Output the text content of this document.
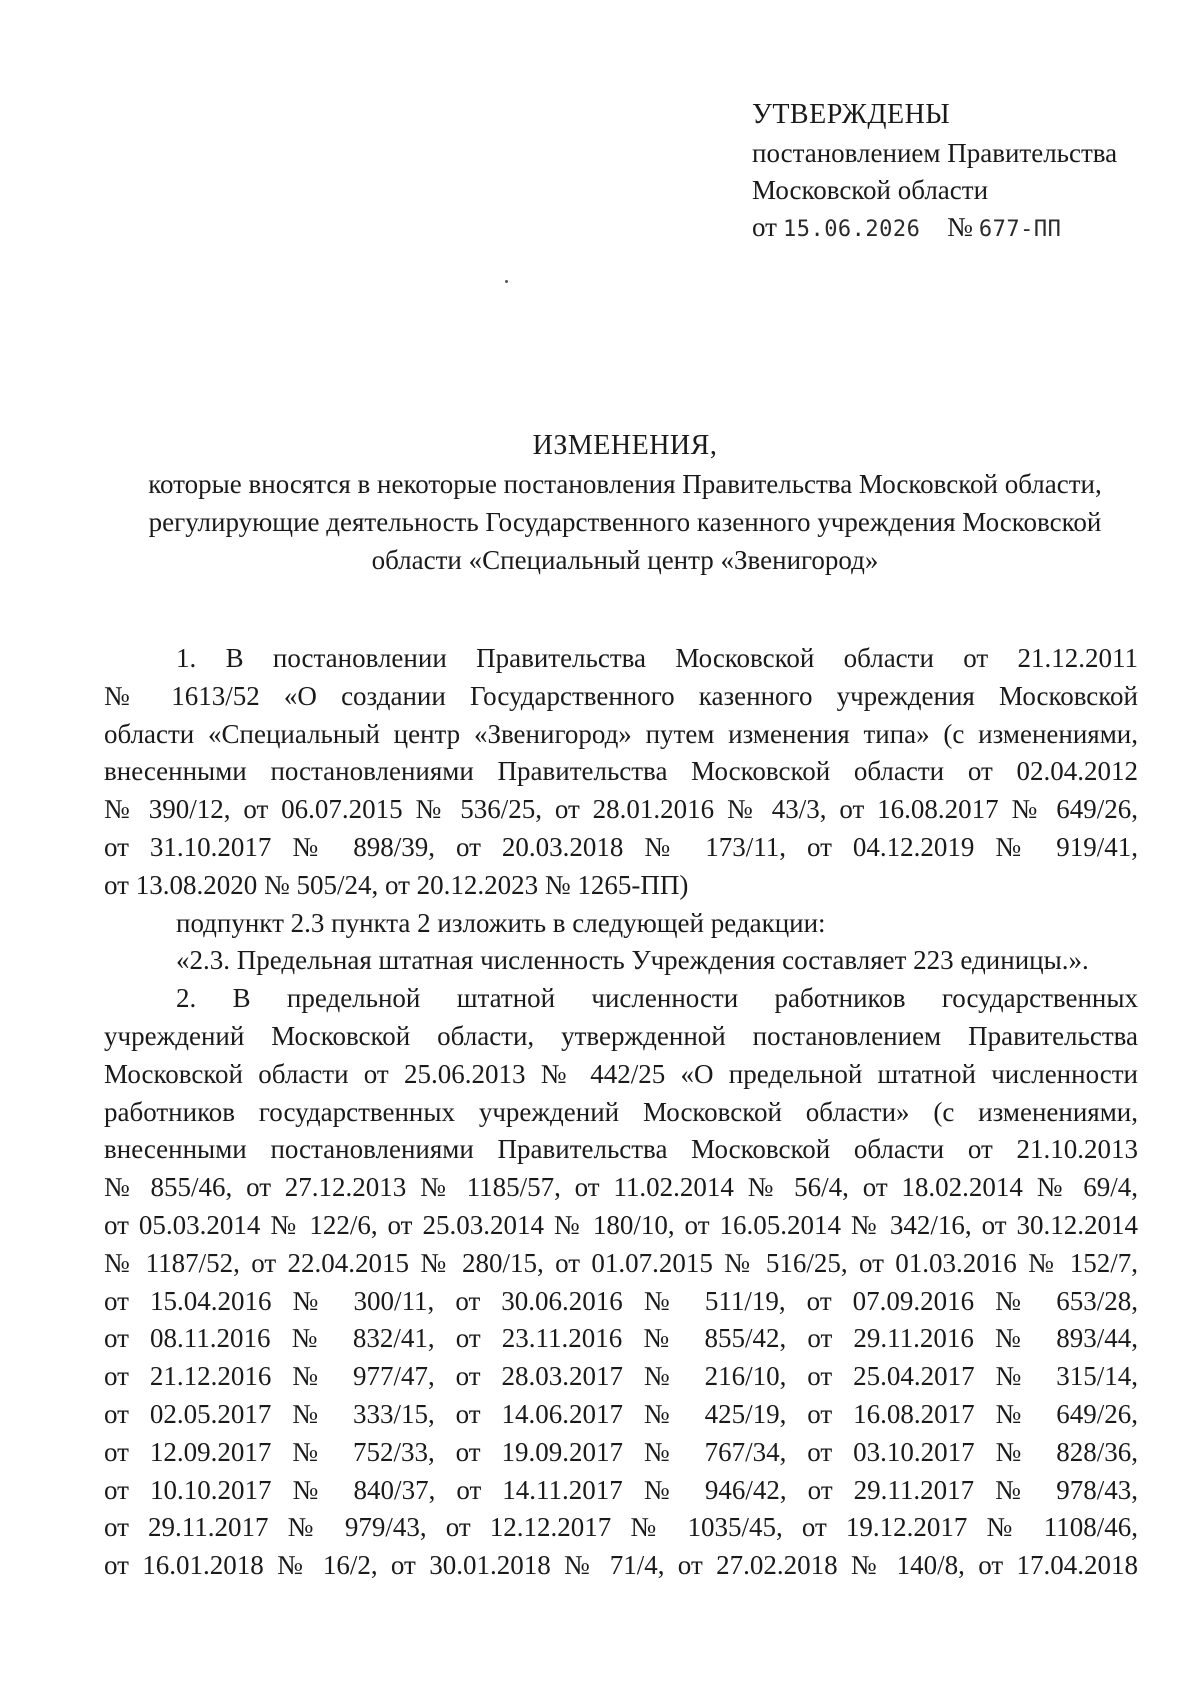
УТВЕРЖДЕНЫ
постановлением Правительства
Московской области
от 15.06.2026 № 677-ПП
ИЗМЕНЕНИЯ,
которые вносятся в некоторые постановления Правительства Московской области,
регулирующие деятельность Государственного казенного учреждения Московской
области «Специальный центр «Звенигород»
1. В постановлении Правительства Московской области от 21.12.2011
№ 1613/52 «О создании Государственного казенного учреждения Московской
области «Специальный центр «Звенигород» путем изменения типа» (с изменениями,
внесенными постановлениями Правительства Московской области от 02.04.2012
№ 390/12, от 06.07.2015 № 536/25, от 28.01.2016 № 43/3, от 16.08.2017 № 649/26,
от 31.10.2017 № 898/39, от 20.03.2018 № 173/11, от 04.12.2019 № 919/41,
от 13.08.2020 № 505/24, от 20.12.2023 № 1265-ПП)

подпункт 2.3 пункта 2 изложить в следующей редакции:

«2.3. Предельная штатная численность Учреждения составляет 223 единицы.».

2. В предельной штатной численности работников государственных
учреждений Московской области, утвержденной постановлением Правительства
Московской области от 25.06.2013 № 442/25 «О предельной штатной численности
работников государственных учреждений Московской области» (с изменениями,
внесенными постановлениями Правительства Московской области от 21.10.2013
№ 855/46, от 27.12.2013 № 1185/57, от 11.02.2014 № 56/4, от 18.02.2014 № 69/4,
от 05.03.2014 № 122/6, от 25.03.2014 № 180/10, от 16.05.2014 № 342/16, от 30.12.2014
№ 1187/52, от 22.04.2015 № 280/15, от 01.07.2015 № 516/25, от 01.03.2016 № 152/7,
от 15.04.2016 № 300/11, от 30.06.2016 № 511/19, от 07.09.2016 № 653/28,
от 08.11.2016 № 832/41, от 23.11.2016 № 855/42, от 29.11.2016 № 893/44,
от 21.12.2016 № 977/47, от 28.03.2017 № 216/10, от 25.04.2017 № 315/14,
от 02.05.2017 № 333/15, от 14.06.2017 № 425/19, от 16.08.2017 № 649/26,
от 12.09.2017 № 752/33, от 19.09.2017 № 767/34, от 03.10.2017 № 828/36,
от 10.10.2017 № 840/37, от 14.11.2017 № 946/42, от 29.11.2017 № 978/43,
от 29.11.2017 № 979/43, от 12.12.2017 № 1035/45, от 19.12.2017 № 1108/46,
от 16.01.2018 № 16/2, от 30.01.2018 № 71/4, от 27.02.2018 № 140/8, от 17.04.2018
